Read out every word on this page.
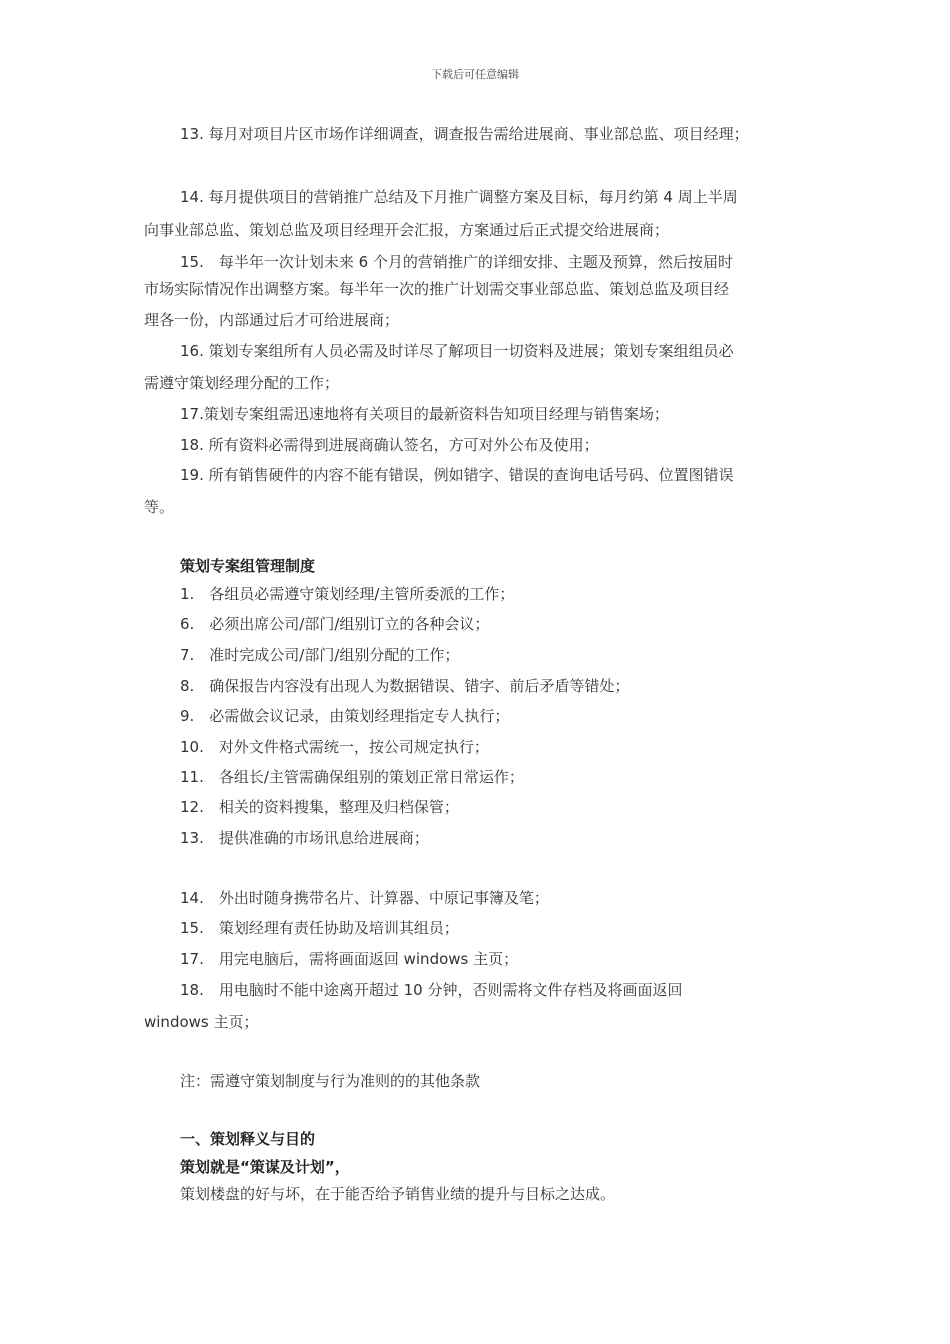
下载后可任意编辑
13. 每月对项目片区市场作详细调查，调查报告需给进展商、事业部总监、项目经理；
14. 每月提供项目的营销推广总结及下月推广调整方案及目标，每月约第 4 周上半周
向事业部总监、策划总监及项目经理开会汇报，方案通过后正式提交给进展商；
15.　每半年一次计划未来 6 个月的营销推广的详细安排、主题及预算，然后按届时
市场实际情况作出调整方案。每半年一次的推广计划需交事业部总监、策划总监及项目经
理各一份，内部通过后才可给进展商；
16. 策划专案组所有人员必需及时详尽了解项目一切资料及进展；策划专案组组员必
需遵守策划经理分配的工作；
17.策划专案组需迅速地将有关项目的最新资料告知项目经理与销售案场；
18. 所有资料必需得到进展商确认签名，方可对外公布及使用；
19. 所有销售硬件的内容不能有错误，例如错字、错误的查询电话号码、位置图错误
等。
策划专案组管理制度
1.　各组员必需遵守策划经理/主管所委派的工作；
6.　必须出席公司/部门/组别订立的各种会议；
7.　准时完成公司/部门/组别分配的工作；
8.　确保报告内容没有出现人为数据错误、错字、前后矛盾等错处；
9.　必需做会议记录，由策划经理指定专人执行；
10.　对外文件格式需统一，按公司规定执行；
11.　各组长/主管需确保组别的策划正常日常运作；
12.　相关的资料搜集，整理及归档保管；
13.　提供准确的市场讯息给进展商；
14.　外出时随身携带名片、计算器、中原记事簿及笔；
15.　策划经理有责任协助及培训其组员；
17.　用完电脑后，需将画面返回 windows 主页；
18.　用电脑时不能中途离开超过 10 分钟，否则需将文件存档及将画面返回
windows 主页；
注：需遵守策划制度与行为准则的的其他条款
一、策划释义与目的
策划就是“策谋及计划”，
策划楼盘的好与坏，在于能否给予销售业绩的提升与目标之达成。
